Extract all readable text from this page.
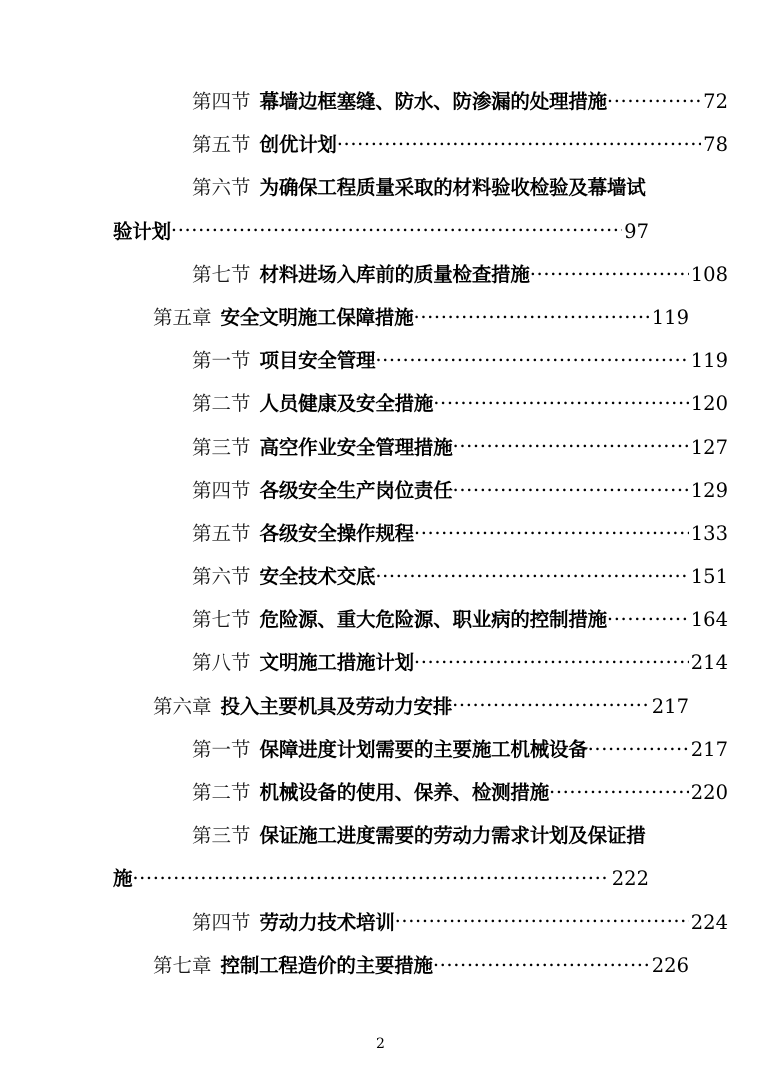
第四节 幕墙边框塞缝、防水、防渗漏的处理措施 .....	72
第五节 创优计划 .....	78
第六节 为确保工程质量采取的材料验收检验及幕墙试
验计划 .....	97
第七节 材料进场入库前的质量检查措施 .....	108
第五章 安全文明施工保障措施 .....	119
第一节 项目安全管理 .....	119
第二节 人员健康及安全措施 .....	120
第三节 高空作业安全管理措施 .....	127
第四节 各级安全生产岗位责任 .....	129
第五节 各级安全操作规程 .....	133
第六节 安全技术交底 .....	151
第七节 危险源、重大危险源、职业病的控制措施 .....	164
第八节 文明施工措施计划 .....	214
第六章 投入主要机具及劳动力安排 .....	217
第一节 保障进度计划需要的主要施工机械设备 .....	217
第二节 机械设备的使用、保养、检测措施 .....	220
第三节 保证施工进度需要的劳动力需求计划及保证措
施 .....	222
第四节 劳动力技术培训 .....	224
第七章 控制工程造价的主要措施 .....	226
2
